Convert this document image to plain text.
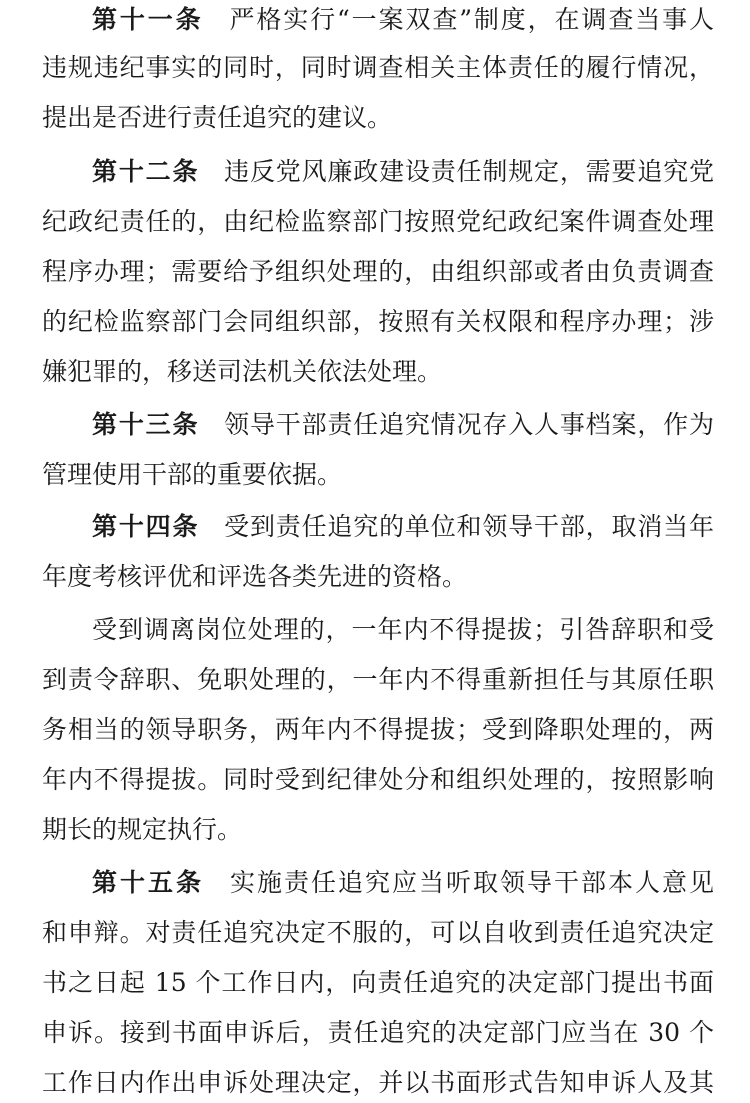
第十一条 严格实行“一案双查”制度，在调查当事人
违规违纪事实的同时，同时调查相关主体责任的履行情况，
提出是否进行责任追究的建议。
第十二条 违反党风廉政建设责任制规定，需要追究党
纪政纪责任的，由纪检监察部门按照党纪政纪案件调查处理
程序办理；需要给予组织处理的，由组织部或者由负责调查
的纪检监察部门会同组织部，按照有关权限和程序办理；涉
嫌犯罪的，移送司法机关依法处理。
第十三条 领导干部责任追究情况存入人事档案，作为
管理使用干部的重要依据。
第十四条 受到责任追究的单位和领导干部，取消当年
年度考核评优和评选各类先进的资格。
受到调离岗位处理的，一年内不得提拔；引咎辞职和受
到责令辞职、免职处理的，一年内不得重新担任与其原任职
务相当的领导职务，两年内不得提拔；受到降职处理的，两
年内不得提拔。同时受到纪律处分和组织处理的，按照影响
期长的规定执行。
第十五条 实施责任追究应当听取领导干部本人意见
和申辩。对责任追究决定不服的，可以自收到责任追究决定
书之日起 15 个工作日内，向责任追究的决定部门提出书面
申诉。接到书面申诉后，责任追究的决定部门应当在 30 个
工作日内作出申诉处理决定，并以书面形式告知申诉人及其
